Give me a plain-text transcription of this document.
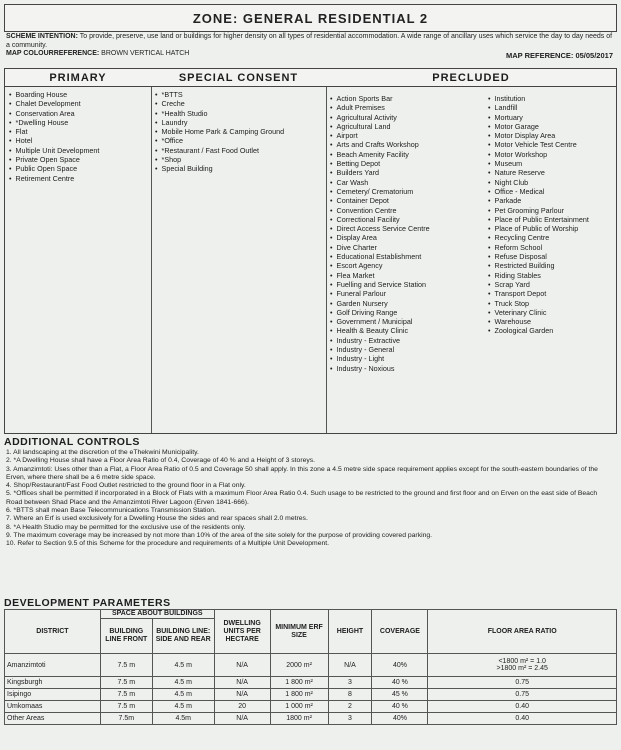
ZONE: GENERAL RESIDENTIAL 2
SCHEME INTENTION: To provide, preserve, use land or buildings for higher density on all types of residential accommodation. A wide range of ancillary uses which service the day to day needs of a community.
MAP COLOURREFERENCE: BROWN VERTICAL HATCH	MAP REFERENCE: 05/05/2017
PRIMARY
• Boarding House
• Chalet Development
• Conservation Area
• *Dwelling House
• Flat
• Hotel
• Multiple Unit Development
• Private Open Space
• Public Open Space
• Retirement Centre
SPECIAL CONSENT
• *BTTS
• Creche
• *Health Studio
• Laundry
• Mobile Home Park & Camping Ground
• *Office
• *Restaurant / Fast Food Outlet
• *Shop
• Special Building
PRECLUDED
• Action Sports Bar
• Adult Premises
• Agricultural Activity
• Agricultural Land
• Airport
• Arts and Crafts Workshop
• Beach Amenity Facility
• Betting Depot
• Builders Yard
• Car Wash
• Cemetery/ Crematorium
• Container Depot
• Convention Centre
• Correctional Facility
• Direct Access Service Centre
• Display Area
• Dive Charter
• Educational Establishment
• Escort Agency
• Flea Market
• Fuelling and Service Station
• Funeral Parlour
• Garden Nursery
• Golf Driving Range
• Government / Municipal
• Health & Beauty Clinic
• Industry - Extractive
• Industry - General
• Industry - Light
• Industry - Noxious
• Institution
• Landfill
• Mortuary
• Motor Garage
• Motor Display Area
• Motor Vehicle Test Centre
• Motor Workshop
• Museum
• Nature Reserve
• Night Club
• Office - Medical
• Parkade
• Pet Grooming Parlour
• Place of Public Entertainment
• Place of Public of Worship
• Recycling Centre
• Reform School
• Refuse Disposal
• Restricted Building
• Riding Stables
• Scrap Yard
• Transport Depot
• Truck Stop
• Veterinary Clinic
• Warehouse
• Zoological Garden
ADDITIONAL CONTROLS
1. All landscaping at the discretion of the eThekwini Municipality.
2. *A Dwelling House shall have a Floor Area Ratio of 0.4, Coverage of 40 % and a Height of 3 storeys.
3. Amanzimtoti: Uses other than a Flat, a Floor Area Ratio of 0.5 and Coverage 50 shall apply. In this zone a 4.5 metre side space requirement applies except for the south-eastern boundaries of the Erven, where there shall be a 6 metre side space.
4. Shop/Restaurant/Fast Food Outlet restricted to the ground floor in a Flat only.
5. *Offices shall be permitted if incorporated in a Block of Flats with a maximum Floor Area Ratio 0.4. Such usage to be restricted to the ground and first floor and on Erven on the east side of Beach Road between Shad Place and the Amanzimtoti River Lagoon (Erven 1841-666).
6. *BTTS shall mean Base Telecommunications Transmission Station.
7. Where an Erf is used exclusively for a Dwelling House the sides and rear spaces shall 2.0 metres.
8. *A Health Studio may be permitted for the exclusive use of the residents only.
9. The maximum coverage may be increased by not more than 10% of the area of the site solely for the purpose of providing covered parking.
10. Refer to Section 9.5 of this Scheme for the procedure and requirements of a Multiple Unit Development.
DEVELOPMENT PARAMETERS
DISTRICT	SPACE ABOUT BUILDINGS		DWELLING UNITS PER HECTARE	MINIMUM ERF SIZE	HEIGHT	COVERAGE	FLOOR AREA RATIO
	BUILDING LINE FRONT	BUILDING LINE: SIDE AND REAR					
Amanzimtoti	7.5 m	4.5 m	N/A	2000 m²	N/A	40%	<1800 m² = 1.0
>1800 m² = 2.45

Kingsburgh	7.5 m	4.5 m	N/A	1 800 m²	3	40 %	0.75
Isipingo	7.5 m	4.5 m	N/A	1 800 m²	8	45 %	0.75
Umkomaas	7.5 m	4.5 m	20	1 000 m²	2	40 %	0.40
Other Areas	7.5m	4.5m	N/A	1800 m²	3	40%	0.40
